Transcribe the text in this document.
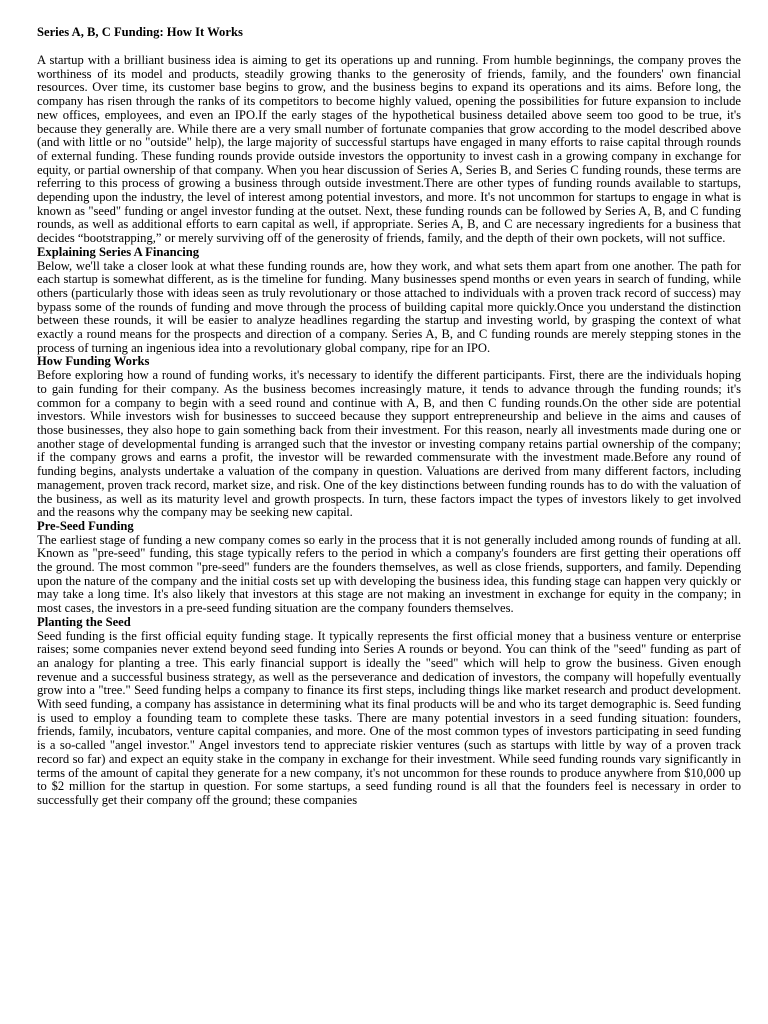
Series A, B, C Funding: How It Works

A startup with a brilliant business idea is aiming to get its operations up and running. From humble beginnings, the company proves the worthiness of its model and products, steadily growing thanks to the generosity of friends, family, and the founders' own financial resources. Over time, its customer base begins to grow, and the business begins to expand its operations and its aims. Before long, the company has risen through the ranks of its competitors to become highly valued, opening the possibilities for future expansion to include new offices, employees, and even an IPO.If the early stages of the hypothetical business detailed above seem too good to be true, it's because they generally are. While there are a very small number of fortunate companies that grow according to the model described above (and with little or no "outside" help), the large majority of successful startups have engaged in many efforts to raise capital through rounds of external funding. These funding rounds provide outside investors the opportunity to invest cash in a growing company in exchange for equity, or partial ownership of that company. When you hear discussion of Series A, Series B, and Series C funding rounds, these terms are referring to this process of growing a business through outside investment.There are other types of funding rounds available to startups, depending upon the industry, the level of interest among potential investors, and more. It's not uncommon for startups to engage in what is known as "seed" funding or angel investor funding at the outset. Next, these funding rounds can be followed by Series A, B, and C funding rounds, as well as additional efforts to earn capital as well, if appropriate. Series A, B, and C are necessary ingredients for a business that decides “bootstrapping,” or merely surviving off of the generosity of friends, family, and the depth of their own pockets, will not suffice.

Explaining Series A Financing

Below, we'll take a closer look at what these funding rounds are, how they work, and what sets them apart from one another. The path for each startup is somewhat different, as is the timeline for funding. Many businesses spend months or even years in search of funding, while others (particularly those with ideas seen as truly revolutionary or those attached to individuals with a proven track record of success) may bypass some of the rounds of funding and move through the process of building capital more quickly.Once you understand the distinction between these rounds, it will be easier to analyze headlines regarding the startup and investing world, by grasping the context of what exactly a round means for the prospects and direction of a company. Series A, B, and C funding rounds are merely stepping stones in the process of turning an ingenious idea into a revolutionary global company, ripe for an IPO.

How Funding Works

Before exploring how a round of funding works, it's necessary to identify the different participants. First, there are the individuals hoping to gain funding for their company. As the business becomes increasingly mature, it tends to advance through the funding rounds; it's common for a company to begin with a seed round and continue with A, B, and then C funding rounds.On the other side are potential investors. While investors wish for businesses to succeed because they support entrepreneurship and believe in the aims and causes of those businesses, they also hope to gain something back from their investment. For this reason, nearly all investments made during one or another stage of developmental funding is arranged such that the investor or investing company retains partial ownership of the company; if the company grows and earns a profit, the investor will be rewarded commensurate with the investment made.Before any round of funding begins, analysts undertake a valuation of the company in question. Valuations are derived from many different factors, including management, proven track record, market size, and risk. One of the key distinctions between funding rounds has to do with the valuation of the business, as well as its maturity level and growth prospects. In turn, these factors impact the types of investors likely to get involved and the reasons why the company may be seeking new capital.

Pre-Seed Funding

The earliest stage of funding a new company comes so early in the process that it is not generally included among rounds of funding at all. Known as "pre-seed" funding, this stage typically refers to the period in which a company's founders are first getting their operations off the ground. The most common "pre-seed" funders are the founders themselves, as well as close friends, supporters, and family. Depending upon the nature of the company and the initial costs set up with developing the business idea, this funding stage can happen very quickly or may take a long time. It's also likely that investors at this stage are not making an investment in exchange for equity in the company; in most cases, the investors in a pre-seed funding situation are the company founders themselves.

Planting the Seed

Seed funding is the first official equity funding stage. It typically represents the first official money that a business venture or enterprise raises; some companies never extend beyond seed funding into Series A rounds or beyond. You can think of the "seed" funding as part of an analogy for planting a tree. This early financial support is ideally the "seed" which will help to grow the business. Given enough revenue and a successful business strategy, as well as the perseverance and dedication of investors, the company will hopefully eventually grow into a "tree." Seed funding helps a company to finance its first steps, including things like market research and product development. With seed funding, a company has assistance in determining what its final products will be and who its target demographic is. Seed funding is used to employ a founding team to complete these tasks. There are many potential investors in a seed funding situation: founders, friends, family, incubators, venture capital companies, and more. One of the most common types of investors participating in seed funding is a so-called "angel investor." Angel investors tend to appreciate riskier ventures (such as startups with little by way of a proven track record so far) and expect an equity stake in the company in exchange for their investment. While seed funding rounds vary significantly in terms of the amount of capital they generate for a new company, it's not uncommon for these rounds to produce anywhere from $10,000 up to $2 million for the startup in question. For some startups, a seed funding round is all that the founders feel is necessary in order to successfully get their company off the ground; these companies
